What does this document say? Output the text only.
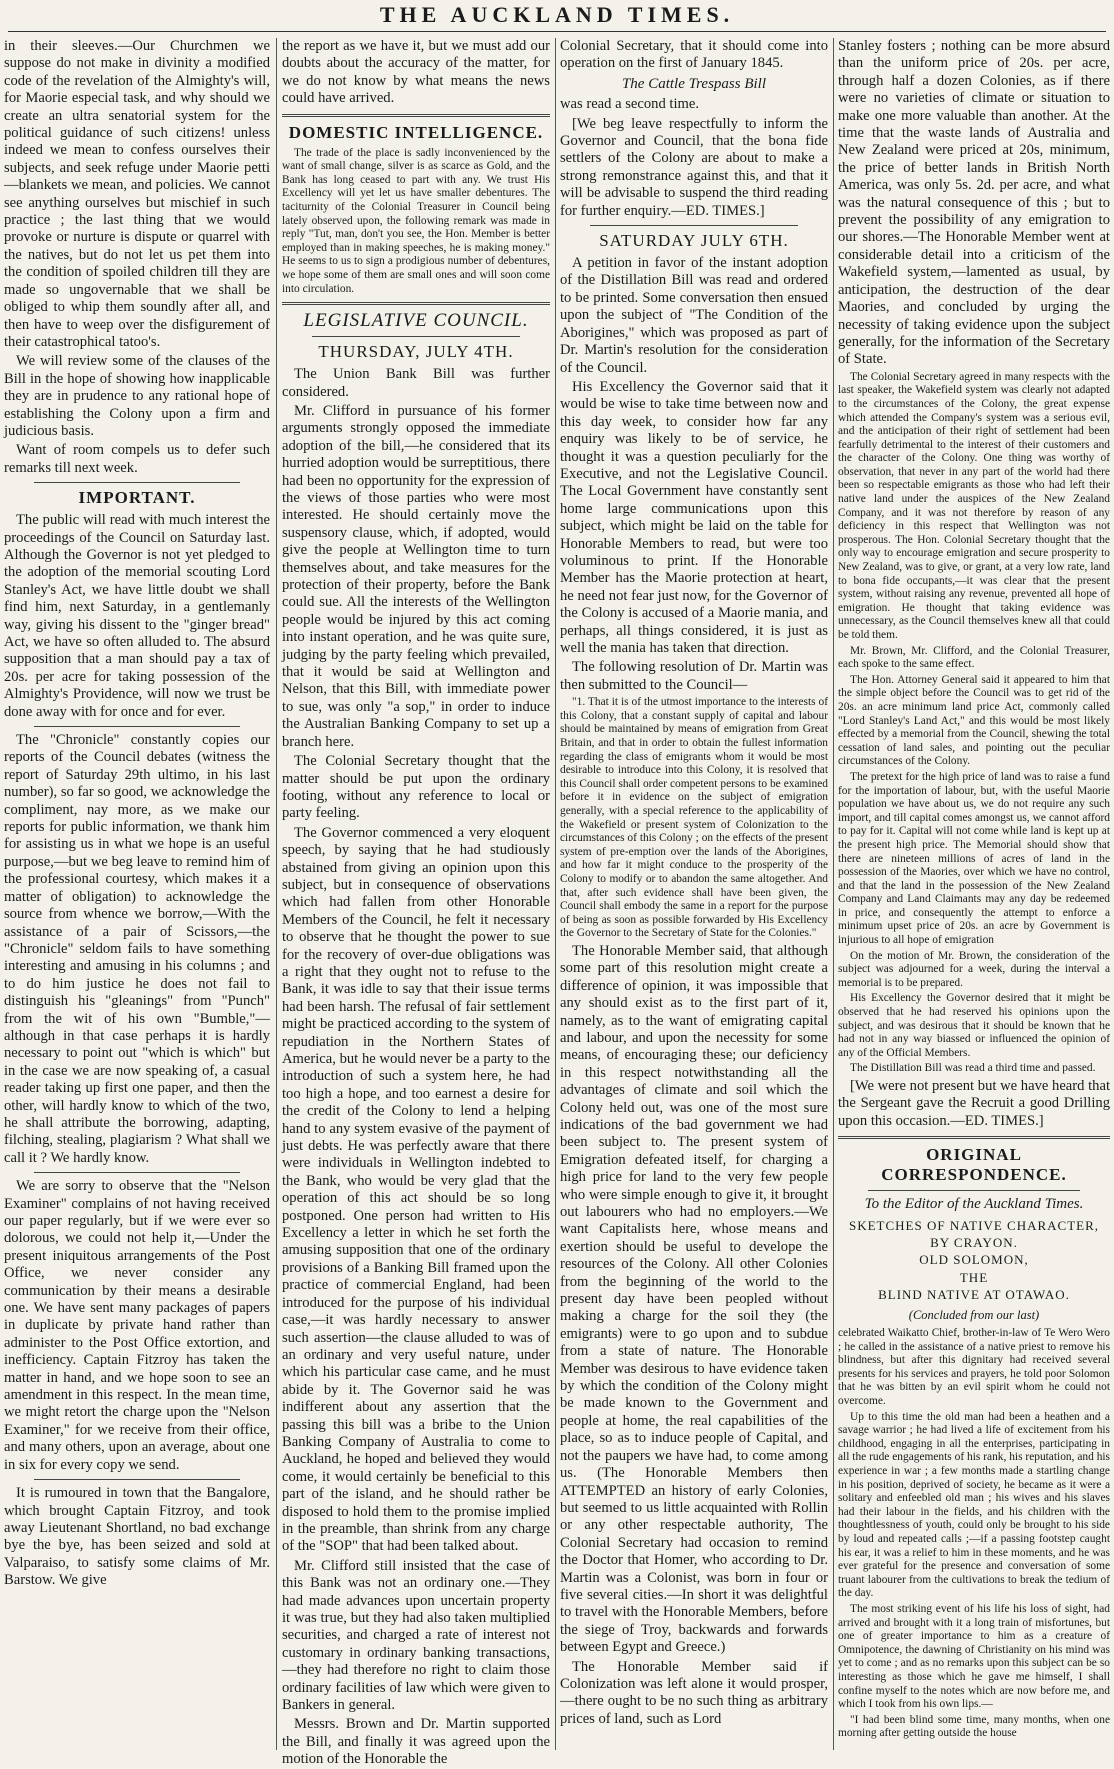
THE AUCKLAND TIMES.

in their sleeves.—Our Churchmen we suppose do not make in divinity a modified code of the revelation of the Almighty's will, for Maorie especial task, and why should we create an ultra senatorial system for the political guidance of such citizens! unless indeed we mean to confess ourselves their subjects, and seek refuge under Maorie petti—blankets we mean, and policies. We cannot see anything ourselves but mischief in such practice ; the last thing that we would provoke or nurture is dispute or quarrel with the natives, but do not let us pet them into the condition of spoiled children till they are made so ungovernable that we shall be obliged to whip them soundly after all, and then have to weep over the disfigurement of their catastrophical tatoo's.

We will review some of the clauses of the Bill in the hope of showing how inapplicable they are in prudence to any rational hope of establishing the Colony upon a firm and judicious basis.

Want of room compels us to defer such remarks till next week.

IMPORTANT.

The public will read with much interest the proceedings of the Council on Saturday last. Although the Governor is not yet pledged to the adoption of the memorial scouting Lord Stanley's Act, we have little doubt we shall find him, next Saturday, in a gentlemanly way, giving his dissent to the "ginger bread" Act, we have so often alluded to. The absurd supposition that a man should pay a tax of 20s. per acre for taking possession of the Almighty's Providence, will now we trust be done away with for once and for ever.

The "Chronicle" constantly copies our reports of the Council debates (witness the report of Saturday 29th ultimo, in his last number), so far so good, we acknowledge the compliment, nay more, as we make our reports for public information, we thank him for assisting us in what we hope is an useful purpose,—but we beg leave to remind him of the professional courtesy, which makes it a matter of obligation) to acknowledge the source from whence we borrow,—With the assistance of a pair of Scissors,—the "Chronicle" seldom fails to have something interesting and amusing in his columns ; and to do him justice he does not fail to distinguish his "gleanings" from "Punch" from the wit of his own "Bumble,"—although in that case perhaps it is hardly necessary to point out "which is which" but in the case we are now speaking of, a casual reader taking up first one paper, and then the other, will hardly know to which of the two, he shall attribute the borrowing, adapting, filching, stealing, plagiarism ? What shall we call it ? We hardly know.

We are sorry to observe that the "Nelson Examiner" complains of not having received our paper regularly, but if we were ever so dolorous, we could not help it,—Under the present iniquitous arrangements of the Post Office, we never consider any communication by their means a desirable one. We have sent many packages of papers in duplicate by private hand rather than administer to the Post Office extortion, and inefficiency. Captain Fitzroy has taken the matter in hand, and we hope soon to see an amendment in this respect. In the mean time, we might retort the charge upon the "Nelson Examiner," for we receive from their office, and many others, upon an average, about one in six for every copy we send.

It is rumoured in town that the Bangalore, which brought Captain Fitzroy, and took away Lieutenant Shortland, no bad exchange bye the bye, has been seized and sold at Valparaiso, to satisfy some claims of Mr. Barstow. We give

the report as we have it, but we must add our doubts about the accuracy of the matter, for we do not know by what means the news could have arrived.

DOMESTIC INTELLIGENCE.

The trade of the place is sadly inconvenienced by the want of small change, silver is as scarce as Gold, and the Bank has long ceased to part with any. We trust His Excellency will yet let us have smaller debentures. The taciturnity of the Colonial Treasurer in Council being lately observed upon, the following remark was made in reply "Tut, man, don't you see, the Hon. Member is better employed than in making speeches, he is making money." He seems to us to sign a prodigious number of debentures, we hope some of them are small ones and will soon come into circulation.

LEGISLATIVE COUNCIL.
THURSDAY, JULY 4TH.

The Union Bank Bill was further considered.

Mr. Clifford in pursuance of his former arguments strongly opposed the immediate adoption of the bill,—he considered that its hurried adoption would be surreptitious, there had been no opportunity for the expression of the views of those parties who were most interested. He should certainly move the suspensory clause, which, if adopted, would give the people at Wellington time to turn themselves about, and take measures for the protection of their property, before the Bank could sue. All the interests of the Wellington people would be injured by this act coming into instant operation, and he was quite sure, judging by the party feeling which prevailed, that it would be said at Wellington and Nelson, that this Bill, with immediate power to sue, was only "a sop," in order to induce the Australian Banking Company to set up a branch here.

The Colonial Secretary thought that the matter should be put upon the ordinary footing, without any reference to local or party feeling.

The Governor commenced a very eloquent speech, by saying that he had studiously abstained from giving an opinion upon this subject, but in consequence of observations which had fallen from other Honorable Members of the Council, he felt it necessary to observe that he thought the power to sue for the recovery of over-due obligations was a right that they ought not to refuse to the Bank, it was idle to say that their issue terms had been harsh. The refusal of fair settlement might be practiced according to the system of repudiation in the Northern States of America, but he would never be a party to the introduction of such a system here, he had too high a hope, and too earnest a desire for the credit of the Colony to lend a helping hand to any system evasive of the payment of just debts. He was perfectly aware that there were individuals in Wellington indebted to the Bank, who would be very glad that the operation of this act should be so long postponed. One person had written to His Excellency a letter in which he set forth the amusing supposition that one of the ordinary provisions of a Banking Bill framed upon the practice of commercial England, had been introduced for the purpose of his individual case,—it was hardly necessary to answer such assertion—the clause alluded to was of an ordinary and very useful nature, under which his particular case came, and he must abide by it. The Governor said he was indifferent about any assertion that the passing this bill was a bribe to the Union Banking Company of Australia to come to Auckland, he hoped and believed they would come, it would certainly be beneficial to this part of the island, and he should rather be disposed to hold them to the promise implied in the preamble, than shrink from any charge of the "SOP" that had been talked about.

Mr. Clifford still insisted that the case of this Bank was not an ordinary one.—They had made advances upon uncertain property it was true, but they had also taken multiplied securities, and charged a rate of interest not customary in ordinary banking transactions,—they had therefore no right to claim those ordinary facilities of law which were given to Bankers in general.

Messrs. Brown and Dr. Martin supported the Bill, and finally it was agreed upon the motion of the Honorable the

Colonial Secretary, that it should come into operation on the first of January 1845.

The Cattle Trespass Bill

was read a second time.

[We beg leave respectfully to inform the Governor and Council, that the bona fide settlers of the Colony are about to make a strong remonstrance against this, and that it will be advisable to suspend the third reading for further enquiry.—ED. TIMES.]

SATURDAY JULY 6TH.

A petition in favor of the instant adoption of the Distillation Bill was read and ordered to be printed. Some conversation then ensued upon the subject of "The Condition of the Aborigines," which was proposed as part of Dr. Martin's resolution for the consideration of the Council.

His Excellency the Governor said that it would be wise to take time between now and this day week, to consider how far any enquiry was likely to be of service, he thought it was a question peculiarly for the Executive, and not the Legislative Council. The Local Government have constantly sent home large communications upon this subject, which might be laid on the table for Honorable Members to read, but were too voluminous to print. If the Honorable Member has the Maorie protection at heart, he need not fear just now, for the Governor of the Colony is accused of a Maorie mania, and perhaps, all things considered, it is just as well the mania has taken that direction.

The following resolution of Dr. Martin was then submitted to the Council—

"1. That it is of the utmost importance to the interests of this Colony, that a constant supply of capital and labour should be maintained by means of emigration from Great Britain, and that in order to obtain the fullest information regarding the class of emigrants whom it would be most desirable to introduce into this Colony, it is resolved that this Council shall order competent persons to be examined before it in evidence on the subject of emigration generally, with a special reference to the applicability of the Wakefield or present system of Colonization to the circumstances of this Colony ; on the effects of the present system of pre-emption over the lands of the Aborigines, and how far it might conduce to the prosperity of the Colony to modify or to abandon the same altogether. And that, after such evidence shall have been given, the Council shall embody the same in a report for the purpose of being as soon as possible forwarded by His Excellency the Governor to the Secretary of State for the Colonies."

The Honorable Member said, that although some part of this resolution might create a difference of opinion, it was impossible that any should exist as to the first part of it, namely, as to the want of emigrating capital and labour, and upon the necessity for some means, of encouraging these; our deficiency in this respect notwithstanding all the advantages of climate and soil which the Colony held out, was one of the most sure indications of the bad government we had been subject to. The present system of Emigration defeated itself, for charging a high price for land to the very few people who were simple enough to give it, it brought out labourers who had no employers.—We want Capitalists here, whose means and exertion should be useful to develope the resources of the Colony. All other Colonies from the beginning of the world to the present day have been peopled without making a charge for the soil they (the emigrants) were to go upon and to subdue from a state of nature. The Honorable Member was desirous to have evidence taken by which the condition of the Colony might be made known to the Government and people at home, the real capabilities of the place, so as to induce people of Capital, and not the paupers we have had, to come among us. (The Honorable Members then ATTEMPTED an history of early Colonies, but seemed to us little acquainted with Rollin or any other respectable authority, The Colonial Secretary had occasion to remind the Doctor that Homer, who according to Dr. Martin was a Colonist, was born in four or five several cities.—In short it was delightful to travel with the Honorable Members, before the siege of Troy, backwards and forwards between Egypt and Greece.)

The Honorable Member said if Colonization was left alone it would prosper,—there ought to be no such thing as arbitrary prices of land, such as Lord

Stanley fosters ; nothing can be more absurd than the uniform price of 20s. per acre, through half a dozen Colonies, as if there were no varieties of climate or situation to make one more valuable than another. At the time that the waste lands of Australia and New Zealand were priced at 20s, minimum, the price of better lands in British North America, was only 5s. 2d. per acre, and what was the natural consequence of this ; but to prevent the possibility of any emigration to our shores.—The Honorable Member went at considerable detail into a criticism of the Wakefield system,—lamented as usual, by anticipation, the destruction of the dear Maories, and concluded by urging the necessity of taking evidence upon the subject generally, for the information of the Secretary of State.

The Colonial Secretary agreed in many respects with the last speaker, the Wakefield system was clearly not adapted to the circumstances of the Colony, the great expense which attended the Company's system was a serious evil, and the anticipation of their right of settlement had been fearfully detrimental to the interest of their customers and the character of the Colony. One thing was worthy of observation, that never in any part of the world had there been so respectable emigrants as those who had left their native land under the auspices of the New Zealand Company, and it was not therefore by reason of any deficiency in this respect that Wellington was not prosperous. The Hon. Colonial Secretary thought that the only way to encourage emigration and secure prosperity to New Zealand, was to give, or grant, at a very low rate, land to bona fide occupants,—it was clear that the present system, without raising any revenue, prevented all hope of emigration. He thought that taking evidence was unnecessary, as the Council themselves knew all that could be told them.

Mr. Brown, Mr. Clifford, and the Colonial Treasurer, each spoke to the same effect.

The Hon. Attorney General said it appeared to him that the simple object before the Council was to get rid of the 20s. an acre minimum land price Act, commonly called "Lord Stanley's Land Act," and this would be most likely effected by a memorial from the Council, shewing the total cessation of land sales, and pointing out the peculiar circumstances of the Colony.

The pretext for the high price of land was to raise a fund for the importation of labour, but, with the useful Maorie population we have about us, we do not require any such import, and till capital comes amongst us, we cannot afford to pay for it. Capital will not come while land is kept up at the present high price. The Memorial should show that there are nineteen millions of acres of land in the possession of the Maories, over which we have no control, and that the land in the possession of the New Zealand Company and Land Claimants may any day be redeemed in price, and consequently the attempt to enforce a minimum upset price of 20s. an acre by Government is injurious to all hope of emigration

On the motion of Mr. Brown, the consideration of the subject was adjourned for a week, during the interval a memorial is to be prepared.

His Excellency the Governor desired that it might be observed that he had reserved his opinions upon the subject, and was desirous that it should be known that he had not in any way biassed or influenced the opinion of any of the Official Members.

The Distillation Bill was read a third time and passed.

[We were not present but we have heard that the Sergeant gave the Recruit a good Drilling upon this occasion.—ED. TIMES.]

ORIGINAL CORRESPONDENCE.
To the Editor of the Auckland Times.
SKETCHES OF NATIVE CHARACTER,
BY CRAYON.
OLD SOLOMON,
THE
BLIND NATIVE AT OTAWAO.
(Concluded from our last)

celebrated Waikatto Chief, brother-in-law of Te Wero Wero ; he called in the assistance of a native priest to remove his blindness, but after this dignitary had received several presents for his services and prayers, he told poor Solomon that he was bitten by an evil spirit whom he could not overcome.

Up to this time the old man had been a heathen and a savage warrior ; he had lived a life of excitement from his childhood, engaging in all the enterprises, participating in all the rude engagements of his rank, his reputation, and his experience in war ; a few months made a startling change in his position, deprived of society, he became as it were a solitary and enfeebled old man ; his wives and his slaves had their labour in the fields, and his children with the thoughtlessness of youth, could only be brought to his side by loud and repeated calls ;—if a passing footstep caught his ear, it was a relief to him in these moments, and he was ever grateful for the presence and conversation of some truant labourer from the cultivations to break the tedium of the day.

The most striking event of his life his loss of sight, had arrived and brought with it a long train of misfortunes, but one of greater importance to him as a creature of Omnipotence, the dawning of Christianity on his mind was yet to come ; and as no remarks upon this subject can be so interesting as those which he gave me himself, I shall confine myself to the notes which are now before me, and which I took from his own lips.—

"I had been blind some time, many months, when one morning after getting outside the house
